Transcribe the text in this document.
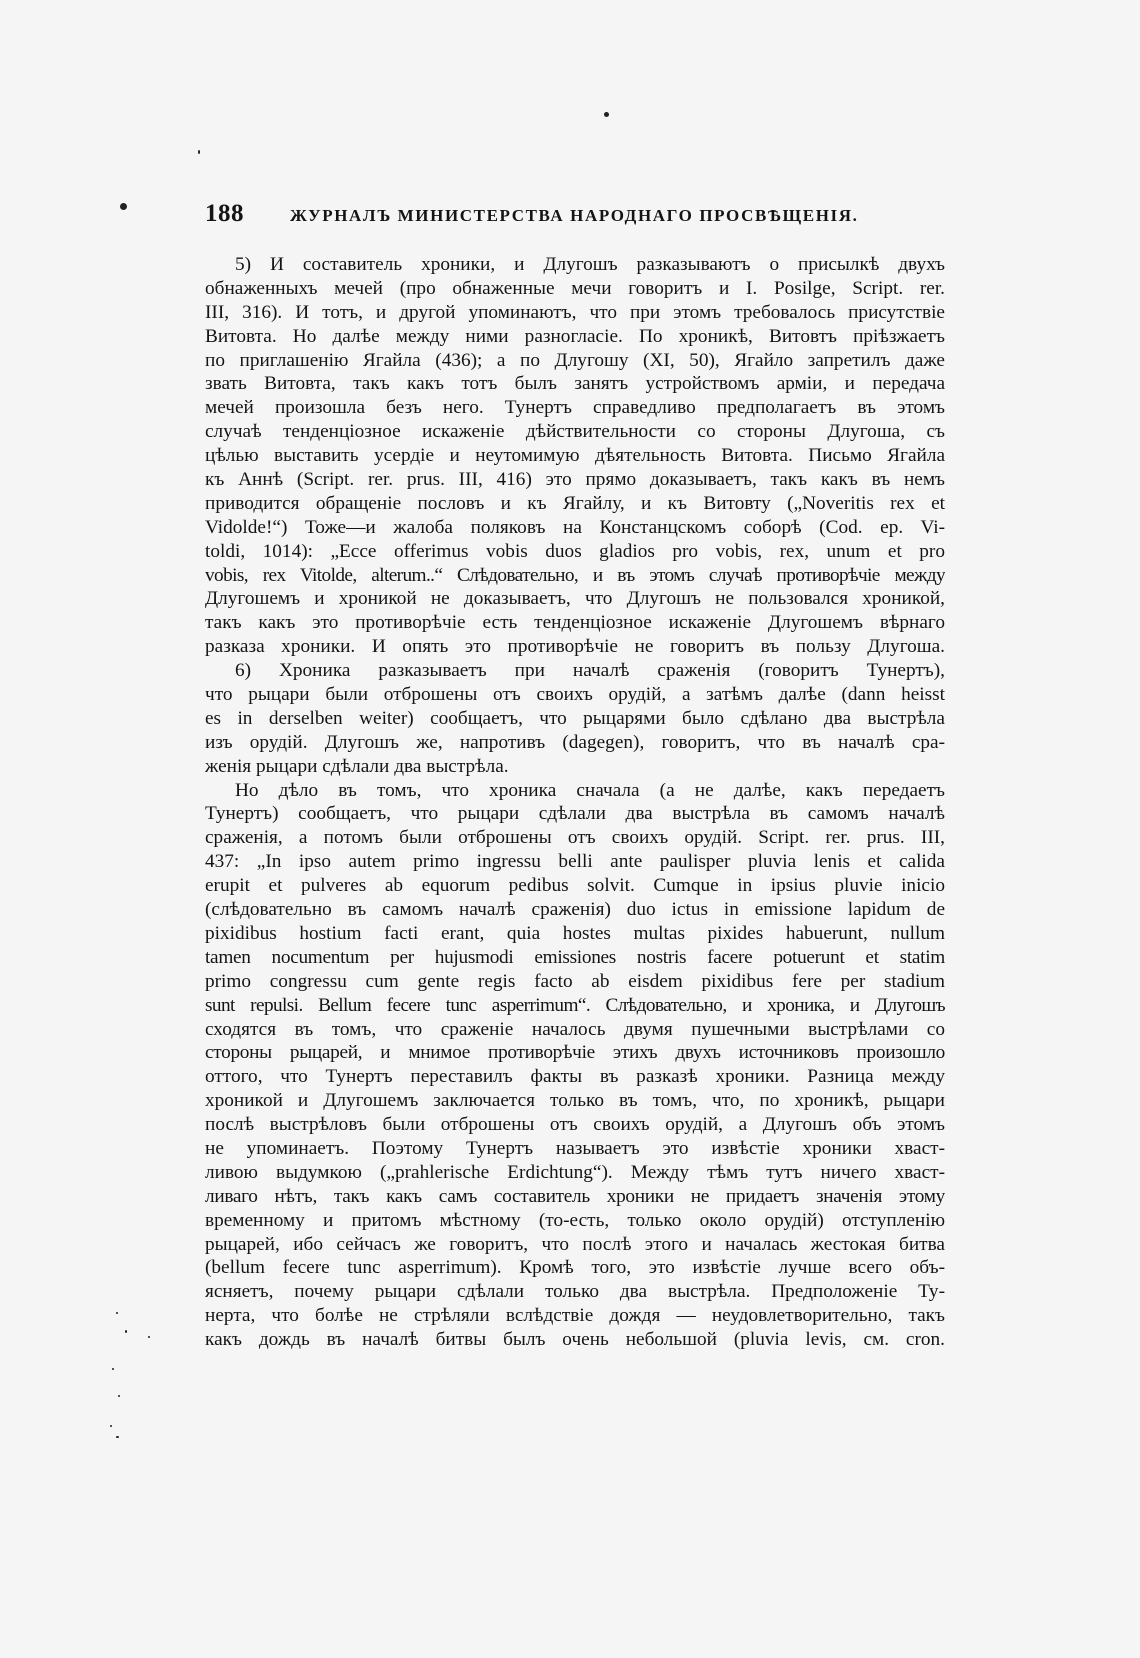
188	ЖУРНАЛЪ МИНИСТЕРСТВА НАРОДНАГО ПРОСВѢЩЕНІЯ.
5) И составитель хроники, и Длугошъ разказываютъ о присылкѣ двухъ
обнаженныхъ мечей (про обнаженные мечи говоритъ и I. Posilge, Script. rer.
III, 316). И тотъ, и другой упоминаютъ, что при этомъ требовалось присутствіе
Витовта. Но далѣе между ними разногласіе. По хроникѣ, Витовтъ пріѣзжаетъ
по приглашенію Ягайла (436); а по Длугошу (XI, 50), Ягайло запретилъ даже
звать Витовта, такъ какъ тотъ былъ занятъ устройствомъ арміи, и передача
мечей произошла безъ него. Тунертъ справедливо предполагаетъ въ этомъ
случаѣ тенденціозное искаженіе дѣйствительности со стороны Длугоша, съ
цѣлью выставить усердіе и неутомимую дѣятельность Витовта. Письмо Ягайла
къ Аннѣ (Script. rer. prus. III, 416) это прямо доказываетъ, такъ какъ въ немъ
приводится обращеніе пословъ и къ Ягайлу, и къ Витовту („Noveritis rex et
Vidolde!“) Тоже—и жалоба поляковъ на Констанцскомъ соборѣ (Cod. ep. Vi-
toldi, 1014): „Ecce offerimus vobis duos gladios pro vobis, rex, unum et pro
vobis, rex Vitolde, alterum..“ Слѣдовательно, и въ этомъ случаѣ противорѣчіе между
Длугошемъ и хроникой не доказываетъ, что Длугошъ не пользовался хроникой,
такъ какъ это противорѣчіе есть тенденціозное искаженіе Длугошемъ вѣрнаго
разказа хроники. И опять это противорѣчіе не говоритъ въ пользу Длугоша.
6) Хроника разказываетъ при началѣ сраженія (говоритъ Тунертъ),
что рыцари были отброшены отъ своихъ орудій, а затѣмъ далѣе (dann heisst
es in derselben weiter) сообщаетъ, что рыцарями было сдѣлано два выстрѣла
изъ орудій. Длугошъ же, напротивъ (dagegen), говоритъ, что въ началѣ сра-
женія рыцари сдѣлали два выстрѣла.
Но дѣло въ томъ, что хроника сначала (а не далѣе, какъ передаетъ
Тунертъ) сообщаетъ, что рыцари сдѣлали два выстрѣла въ самомъ началѣ
сраженія, а потомъ были отброшены отъ своихъ орудій. Script. rer. prus. III,
437: „In ipso autem primo ingressu belli ante paulisper pluvia lenis et calida
erupit et pulveres ab equorum pedibus solvit. Cumque in ipsius pluvie inicio
(слѣдовательно въ самомъ началѣ сраженія) duo ictus in emissione lapidum de
pixidibus hostium facti erant, quia hostes multas pixides habuerunt, nullum
tamen nocumentum per hujusmodi emissiones nostris facere potuerunt et statim
primo congressu cum gente regis facto ab eisdem pixidibus fere per stadium
sunt repulsi. Bellum fecere tunc asperrimum“. Слѣдовательно, и хроника, и Длугошъ
сходятся въ томъ, что сраженіе началось двумя пушечными выстрѣлами со
стороны рыцарей, и мнимое противорѣчіе этихъ двухъ источниковъ произошло
оттого, что Тунертъ переставилъ факты въ разказѣ хроники. Разница между
хроникой и Длугошемъ заключается только въ томъ, что, по хроникѣ, рыцари
послѣ выстрѣловъ были отброшены отъ своихъ орудій, а Длугошъ объ этомъ
не упоминаетъ. Поэтому Тунертъ называетъ это извѣстіе хроники хваст-
ливою выдумкою („prahlerische Erdichtung“). Между тѣмъ тутъ ничего хваст-
ливаго нѣтъ, такъ какъ самъ составитель хроники не придаетъ значенія этому
временному и притомъ мѣстному (то-есть, только около орудій) отступленію
рыцарей, ибо сейчасъ же говоритъ, что послѣ этого и началась жестокая битва
(bellum fecere tunc asperrimum). Кромѣ того, это извѣстіе лучше всего объ-
ясняетъ, почему рыцари сдѣлали только два выстрѣла. Предположеніе Ту-
нерта, что болѣе не стрѣляли вслѣдствіе дождя — неудовлетворительно, такъ
какъ дождь въ началѣ битвы былъ очень небольшой (pluvia levis, см. cron.
